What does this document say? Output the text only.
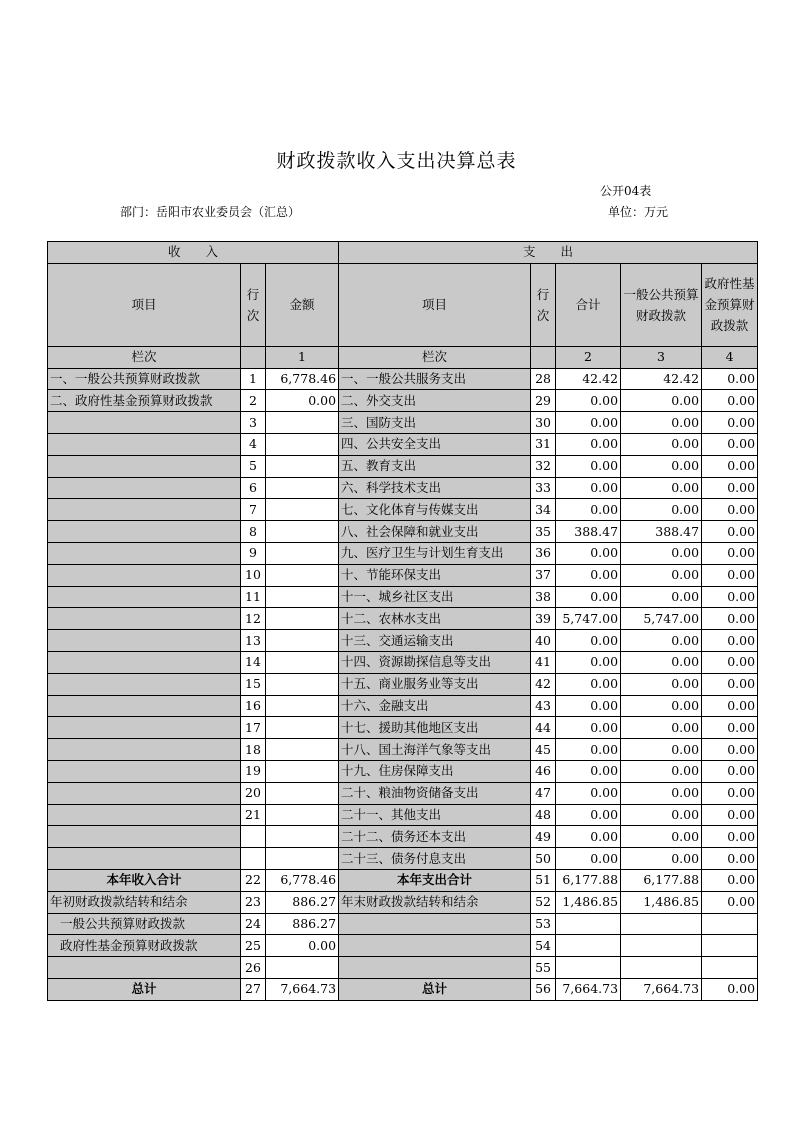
财政拨款收入支出决算总表
公开04表
部门：岳阳市农业委员会（汇总）	单位：万元
收　　入			支　　出				
项目	行次	金额	项目	行次	合计	一般公共预算财政拨款	政府性基金预算财政拨款
栏次		1	栏次		2	3	4
一、一般公共预算财政拨款	1	6,778.46	一、一般公共服务支出	28	42.42	42.42	0.00
二、政府性基金预算财政拨款	2	0.00	二、外交支出	29	0.00	0.00	0.00
	3		三、国防支出	30	0.00	0.00	0.00
	4		四、公共安全支出	31	0.00	0.00	0.00
	5		五、教育支出	32	0.00	0.00	0.00
	6		六、科学技术支出	33	0.00	0.00	0.00
	7		七、文化体育与传媒支出	34	0.00	0.00	0.00
	8		八、社会保障和就业支出	35	388.47	388.47	0.00
	9		九、医疗卫生与计划生育支出	36	0.00	0.00	0.00
	10		十、节能环保支出	37	0.00	0.00	0.00
	11		十一、城乡社区支出	38	0.00	0.00	0.00
	12		十二、农林水支出	39	5,747.00	5,747.00	0.00
	13		十三、交通运输支出	40	0.00	0.00	0.00
	14		十四、资源勘探信息等支出	41	0.00	0.00	0.00
	15		十五、商业服务业等支出	42	0.00	0.00	0.00
	16		十六、金融支出	43	0.00	0.00	0.00
	17		十七、援助其他地区支出	44	0.00	0.00	0.00
	18		十八、国土海洋气象等支出	45	0.00	0.00	0.00
	19		十九、住房保障支出	46	0.00	0.00	0.00
	20		二十、粮油物资储备支出	47	0.00	0.00	0.00
	21		二十一、其他支出	48	0.00	0.00	0.00
			二十二、债务还本支出	49	0.00	0.00	0.00
			二十三、债务付息支出	50	0.00	0.00	0.00
本年收入合计	22	6,778.46	本年支出合计	51	6,177.88	6,177.88	0.00
年初财政拨款结转和结余	23	886.27	年末财政拨款结转和结余	52	1,486.85	1,486.85	0.00
一般公共预算财政拨款	24	886.27		53			
政府性基金预算财政拨款	25	0.00		54			
	26			55			
总计	27	7,664.73	总计	56	7,664.73	7,664.73	0.00
